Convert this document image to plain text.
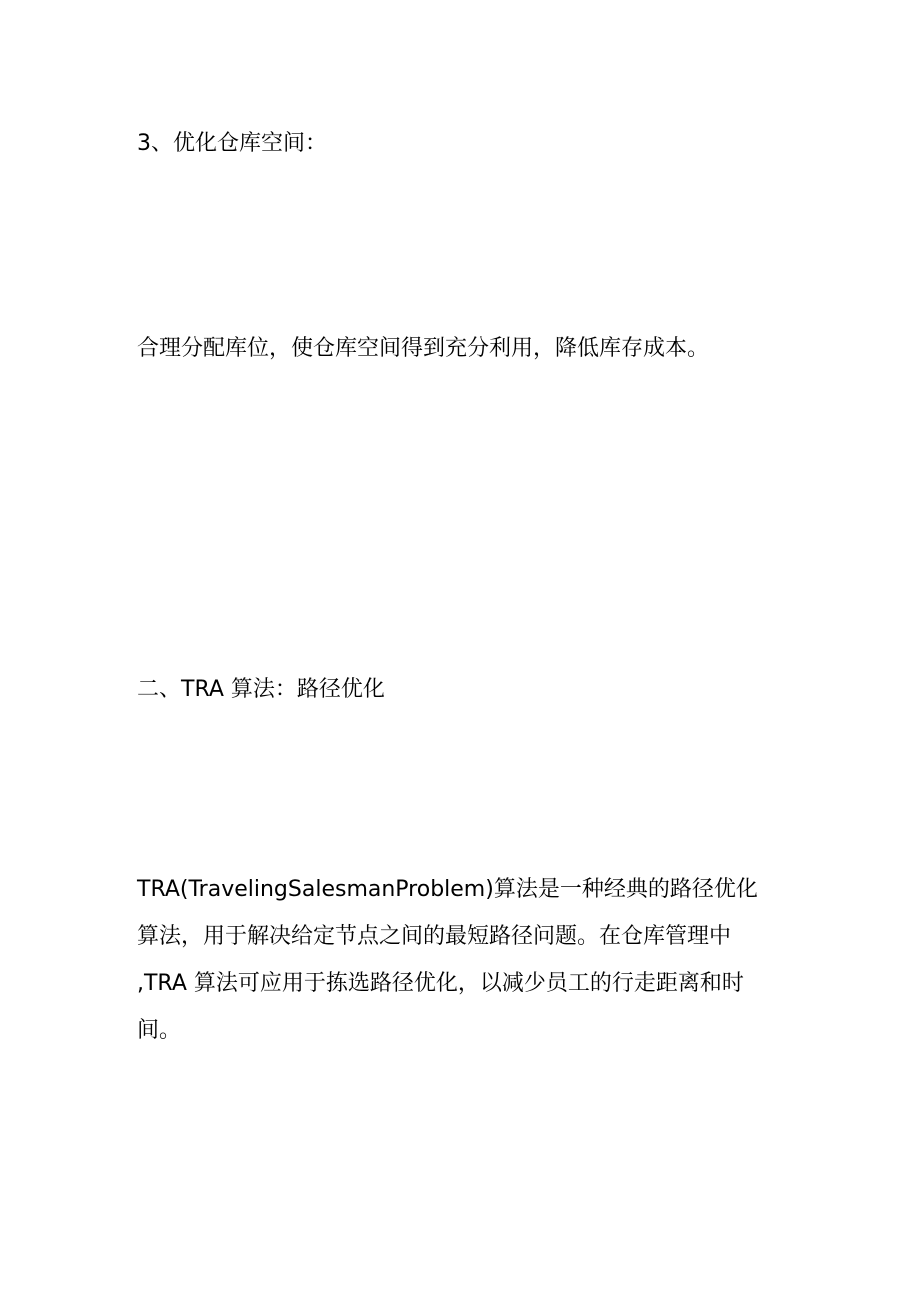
3、优化仓库空间：

合理分配库位，使仓库空间得到充分利用，降低库存成本。

二、TRA 算法：路径优化

TRA(TravelingSalesmanProblem)算法是一种经典的路径优化
算法，用于解决给定节点之间的最短路径问题。在仓库管理中
,TRA 算法可应用于拣选路径优化，以减少员工的行走距离和时
间。
